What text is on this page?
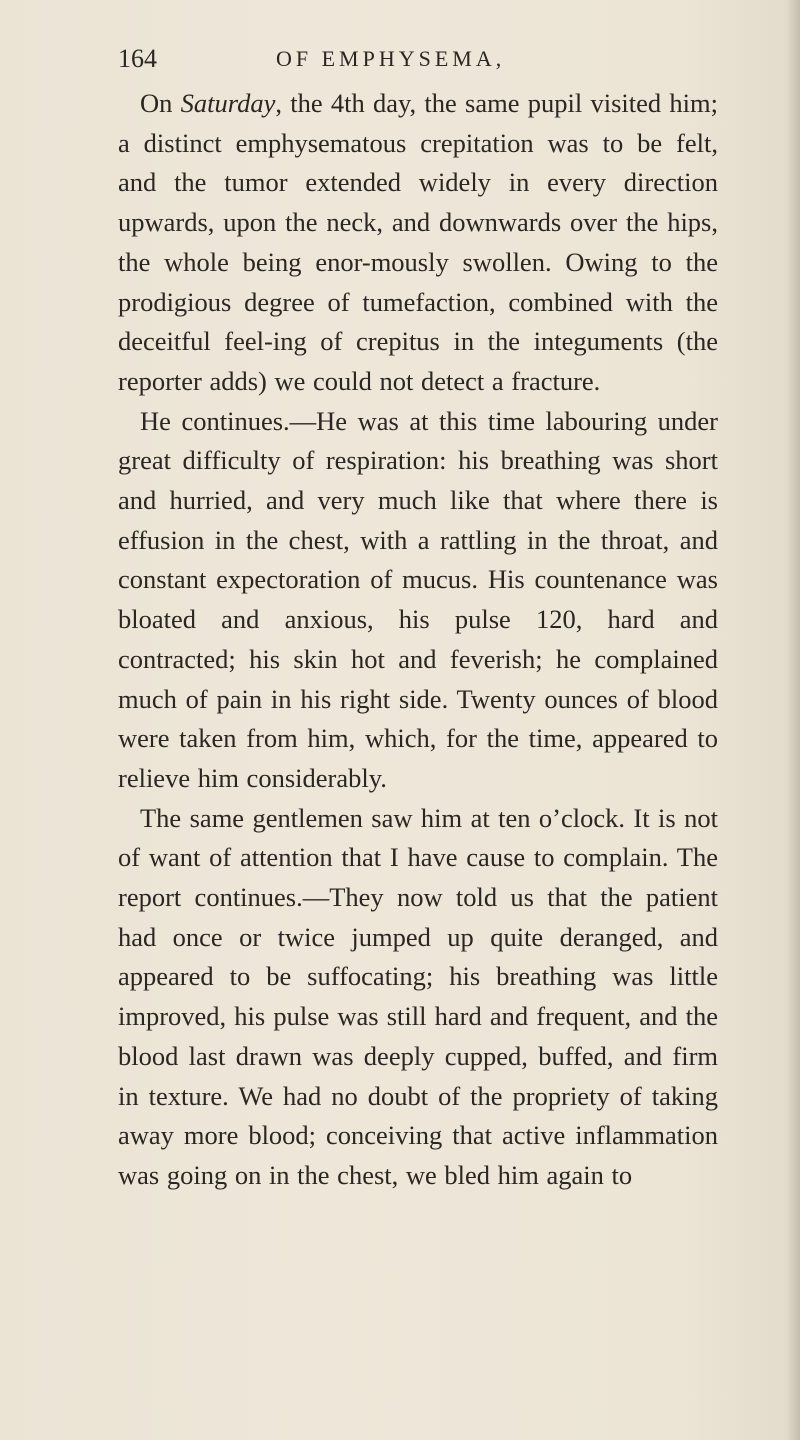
164	OF EMPHYSEMA,

On Saturday, the 4th day, the same pupil visited him; a distinct emphysematous crepitation was to be felt, and the tumor extended widely in every direction upwards, upon the neck, and downwards over the hips, the whole being enor-mously swollen. Owing to the prodigious degree of tumefaction, combined with the deceitful feel-ing of crepitus in the integuments (the reporter adds) we could not detect a fracture.

He continues.—He was at this time labouring under great difficulty of respiration: his breathing was short and hurried, and very much like that where there is effusion in the chest, with a rattling in the throat, and constant expectoration of mucus. His countenance was bloated and anxious, his pulse 120, hard and contracted; his skin hot and feverish; he complained much of pain in his right side. Twenty ounces of blood were taken from him, which, for the time, appeared to relieve him considerably.

The same gentlemen saw him at ten o’clock. It is not of want of attention that I have cause to complain. The report continues.—They now told us that the patient had once or twice jumped up quite deranged, and appeared to be suffocating; his breathing was little improved, his pulse was still hard and frequent, and the blood last drawn was deeply cupped, buffed, and firm in texture. We had no doubt of the propriety of taking away more blood; conceiving that active inflammation was going on in the chest, we bled him again to
